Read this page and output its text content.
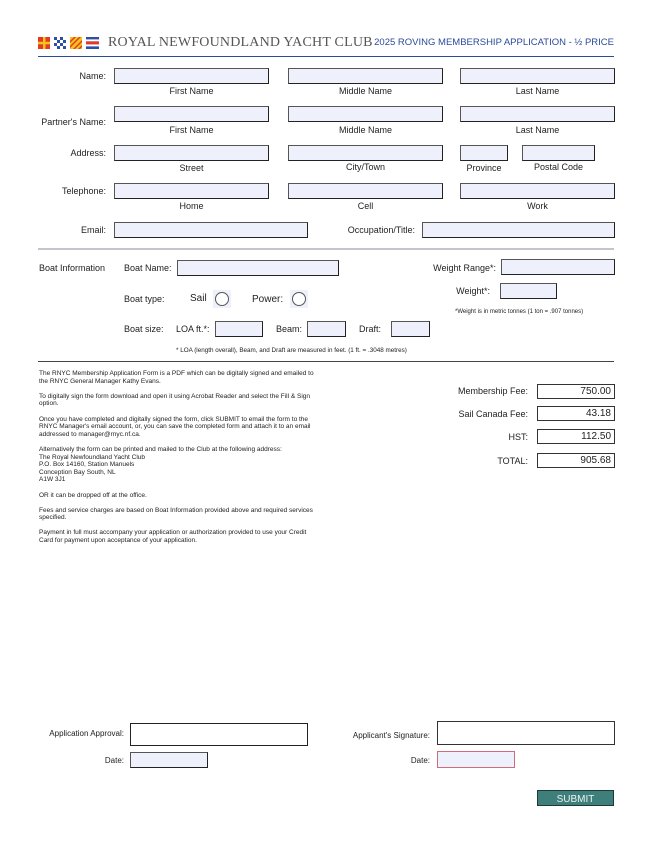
ROYAL NEWFOUNDLAND YACHT CLUB 2025 ROVING MEMBERSHIP APPLICATION - ½ PRICE
Name:
First Name	Middle Name	Last Name
Partner's Name:
First Name	Middle Name	Last Name
Address:
Street	City/Town	Province	Postal Code
Telephone:
Home	Cell	Work
Email:	Occupation/Title:
Boat Information Boat Name:	Weight Range*:
Weight*:
*Weight is in metric tonnes (1 ton = .907 tonnes)
Boat type:	Sail	Power:
Boat size: LOA ft.*:	Beam:	Draft:
* LOA (length overall), Beam, and Draft are measured in feet. (1 ft. = .3048 metres)

The RNYC Membership Application Form is a PDF which can be digitally signed and emailed to the RNYC General Manager Kathy Evans.

To digitally sign the form download and open it using Acrobat Reader and select the Fill & Sign option.

Once you have completed and digitally signed the form, click SUBMIT to email the form to the RNYC Manager's email account, or, you can save the completed form and attach it to an email addressed to manager@rnyc.nf.ca.

Alternatively the form can be printed and mailed to the Club at the following address:
The Royal Newfoundland Yacht Club
P.O. Box 14160, Station Manuels
Conception Bay South, NL
A1W 3J1

OR it can be dropped off at the office.

Fees and service charges are based on Boat Information provided above and required services specified.

Payment in full must accompany your application or authorization provided to use your Credit Card for payment upon acceptance of your application.

Membership Fee:	750.00
Sail Canada Fee:	43.18
HST:	112.50
TOTAL:	905.68
Application Approval:
Date:
Applicant's Signature:
Date:
SUBMIT
